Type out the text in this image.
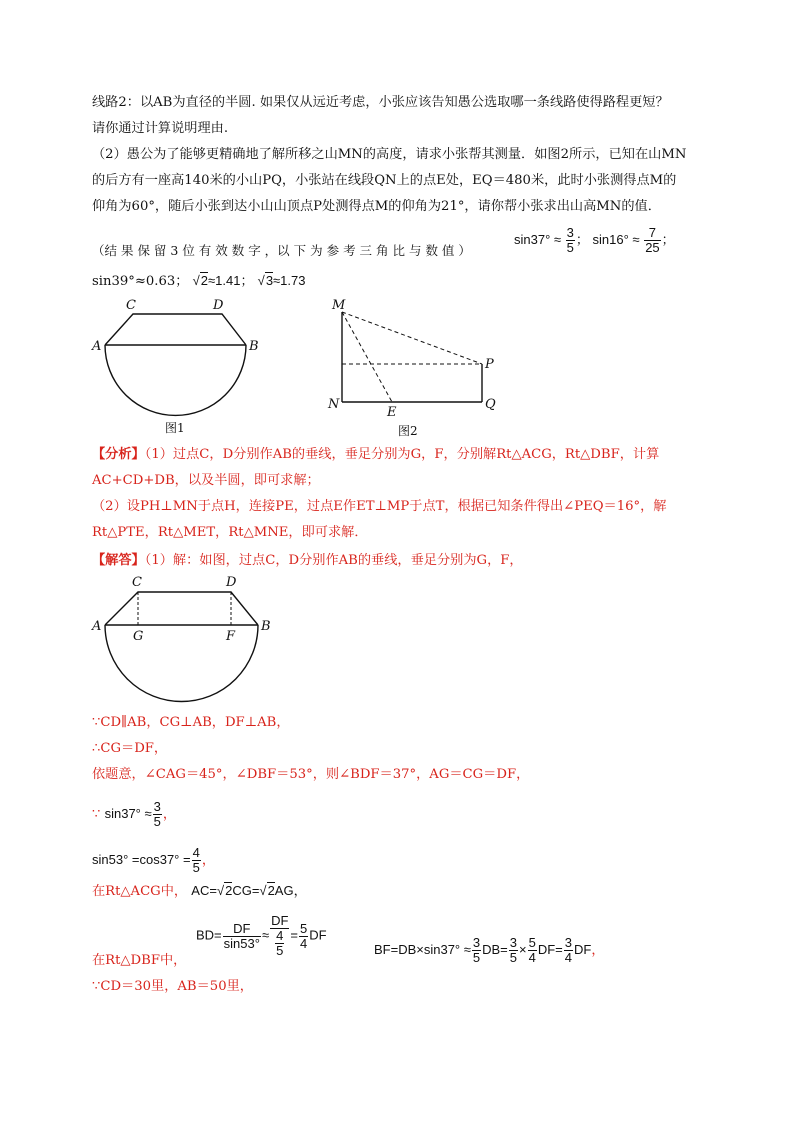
线路2：以AB为直径的半圆. 如果仅从远近考虑，小张应该告知愚公选取哪一条线路使得路程更短？
请你通过计算说明理由.
（2）愚公为了能够更精确地了解所移之山MN的高度，请求小张帮其测量．如图2所示，已知在山MN
的后方有一座高140米的小山PQ，小张站在线段QN上的点E处，EQ＝480米，此时小张测得点M的
仰角为60°，随后小张到达小山山顶点P处测得点M的仰角为21°，请你帮小张求出山高MN的值．
（结 果 保 留 3 位 有 效 数 字 ，以 下 为 参 考 三 角 比 与 数 值 ）
$\sin 37^\circ \approx \frac{3}{5}$ ； $\sin 16^\circ \approx \frac{7}{25}$ ；
sin39°≈0.63； √2≈1.41； √3≈1.73
A	B
C	D
图1
M
N
E
P
Q
图2
【分析】（1）过点C，D分别作AB的垂线，垂足分别为G，F，分别解Rt△ACG，Rt△DBF，计算
AC+CD+DB，以及半圆，即可求解；
（2）设PH⊥MN于点H，连接PE，过点E作ET⊥MP于点T，根据已知条件得出∠PEQ＝16°，解
Rt△PTE，Rt△MET，Rt△MNE，即可求解．
【解答】（1）解：如图，过点C，D分别作AB的垂线，垂足分别为G，F，
A	B
C	D
G	F
∵CD∥AB，CG⊥AB，DF⊥AB，
∴CG＝DF，
依题意，∠CAG＝45°，∠DBF＝53°，则∠BDF＝37°，AG＝CG＝DF，
∵ $\sin 37^\circ \approx \frac{3}{5}$ ，
$\sin 53^\circ =\cos 37^\circ = \frac{4}{5}$ ，
在Rt△ACG中， AC=√2CG=√2AG，
$BD= \frac{DF}{\sin 53^\circ} \approx \frac{DF}{\frac{4}{5}} = \frac{5}{4}$ DF
在Rt△DBF中，
$BF=DB\times\sin 37^\circ \approx \frac{3}{5} DB= \frac{3}{5} \times \frac{5}{4} DF= \frac{3}{4}$ DF，
∵CD＝30里，AB＝50里，
